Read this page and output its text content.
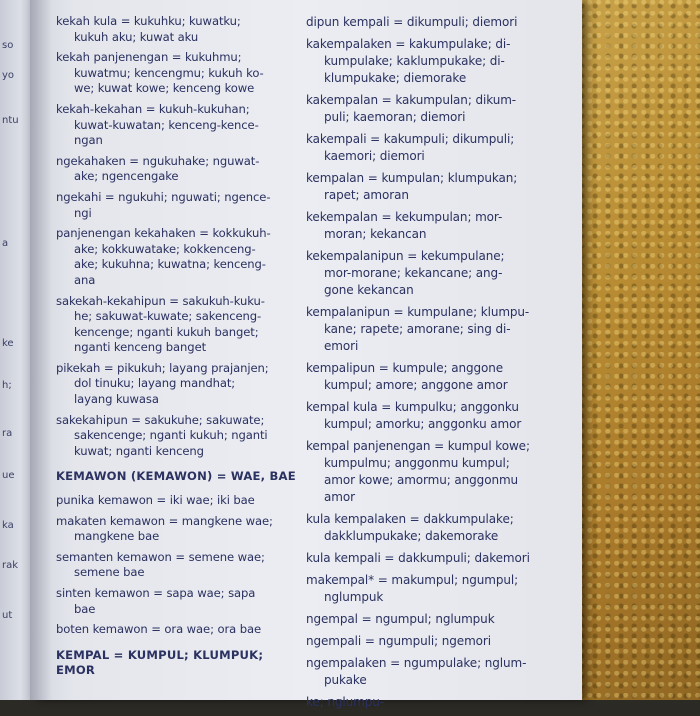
so
yo
ntu
a
ke
h;
ra
ue
ka
rak
ut
kekah kula = kukuhku; kuwatku;
kukuh aku; kuwat aku
kekah panjenengan = kukuhmu;
kuwatmu; kencengmu; kukuh ko-
we; kuwat kowe; kenceng kowe
kekah-kekahan = kukuh-kukuhan;
kuwat-kuwatan; kenceng-kence-
ngan
ngekahaken = ngukuhake; nguwat-
ake; ngencengake
ngekahi = ngukuhi; nguwati; ngence-
ngi
panjenengan kekahaken = kokkukuh-
ake; kokkuwatake; kokkenceng-
ake; kukuhna; kuwatna; kenceng-
ana
sakekah-kekahipun = sakukuh-kuku-
he; sakuwat-kuwate; sakenceng-
kencenge; nganti kukuh banget;
nganti kenceng banget
pikekah = pikukuh; layang prajanjen;
dol tinuku; layang mandhat;
layang kuwasa
sakekahipun = sakukuhe; sakuwate;
sakencenge; nganti kukuh; nganti
kuwat; nganti kenceng
KEMAWON (KEMAWON) = WAE, BAE
punika kemawon = iki wae; iki bae
makaten kemawon = mangkene wae;
mangkene bae
semanten kemawon = semene wae;
semene bae
sinten kemawon = sapa wae; sapa
bae
boten kemawon = ora wae; ora bae
KEMPAL = KUMPUL; KLUMPUK;
EMOR
dipun kempali = dikumpuli; diemori
kakempalaken = kakumpulake; di-
kumpulake; kaklumpukake; di-
klumpukake; diemorake
kakempalan = kakumpulan; dikum-
puli; kaemoran; diemori
kakempali = kakumpuli; dikumpuli;
kaemori; diemori
kempalan = kumpulan; klumpukan;
rapet; amoran
kekempalan = kekumpulan; mor-
moran; kekancan
kekempalanipun = kekumpulane;
mor-morane; kekancane; ang-
gone kekancan
kempalanipun = kumpulane; klumpu-
kane; rapete; amorane; sing di-
emori
kempalipun = kumpule; anggone
kumpul; amore; anggone amor
kempal kula = kumpulku; anggonku
kumpul; amorku; anggonku amor
kempal panjenengan = kumpul kowe;
kumpulmu; anggonmu kumpul;
amor kowe; amormu; anggonmu
amor
kula kempalaken = dakkumpulake;
dakklumpukake; dakemorake
kula kempali = dakkumpuli; dakemori
makempal* = makumpul; ngumpul;
nglumpuk
ngempal = ngumpul; nglumpuk
ngempali = ngumpuli; ngemori
ngempalaken = ngumpulake; nglum-
pukake
ke; nglumpu-
